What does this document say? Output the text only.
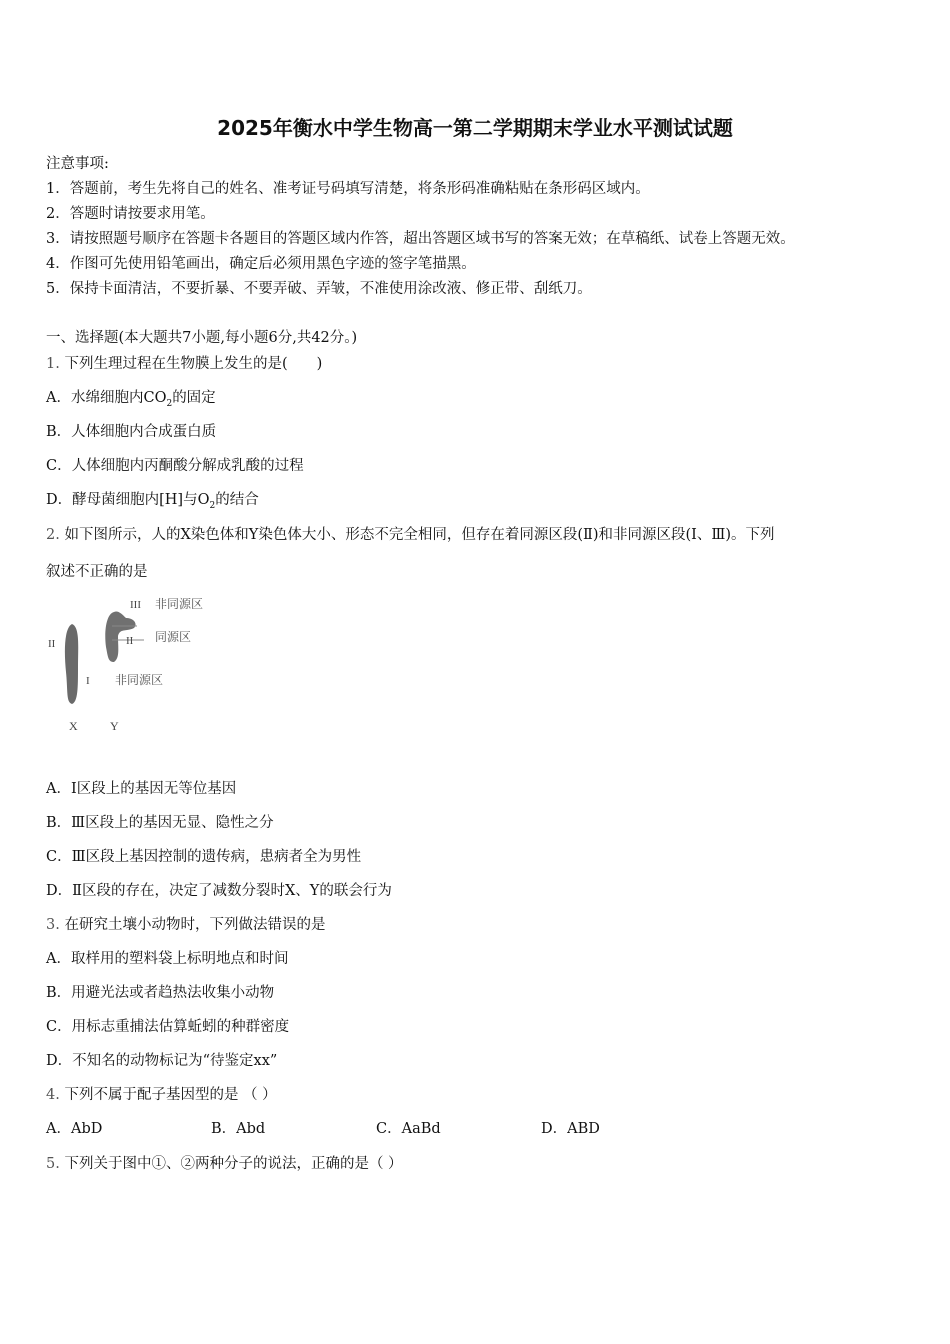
2025年衡水中学生物高一第二学期期末学业水平测试试题
注意事项:
1．答题前，考生先将自己的姓名、准考证号码填写清楚，将条形码准确粘贴在条形码区域内。
2．答题时请按要求用笔。
3．请按照题号顺序在答题卡各题目的答题区域内作答，超出答题区域书写的答案无效；在草稿纸、试卷上答题无效。
4．作图可先使用铅笔画出，确定后必须用黑色字迹的签字笔描黑。
5．保持卡面清洁，不要折暴、不要弄破、弄皱，不准使用涂改液、修正带、刮纸刀。
一、选择题(本大题共7小题,每小题6分,共42分。)
1. 下列生理过程在生物膜上发生的是(　　)
A．水绵细胞内$CO_2$的固定
B．人体细胞内合成蛋白质
C．人体细胞内丙酮酸分解成乳酸的过程
D．酵母菌细胞内[H]与$O_2$的结合
2. 如下图所示，人的X染色体和Y染色体大小、形态不完全相同，但存在着同源区段(Ⅱ)和非同源区段(Ⅰ、Ⅲ)。下列
叙述不正确的是
III 非同源区
II	II 同源区
I 非同源区
X	Y
A．Ⅰ区段上的基因无等位基因
B．Ⅲ区段上的基因无显、隐性之分
C．Ⅲ区段上基因控制的遗传病，患病者全为男性
D．Ⅱ区段的存在，决定了减数分裂时X、Y的联会行为
3. 在研究土壤小动物时，下列做法错误的是
A．取样用的塑料袋上标明地点和时间
B．用避光法或者趋热法收集小动物
C．用标志重捕法估算蚯蚓的种群密度
D．不知名的动物标记为“待鉴定xx”
4. 下列不属于配子基因型的是 （ ）
A．AbD	B．Abd	C．AaBd	D．ABD
5. 下列关于图中①、②两种分子的说法，正确的是（ ）
